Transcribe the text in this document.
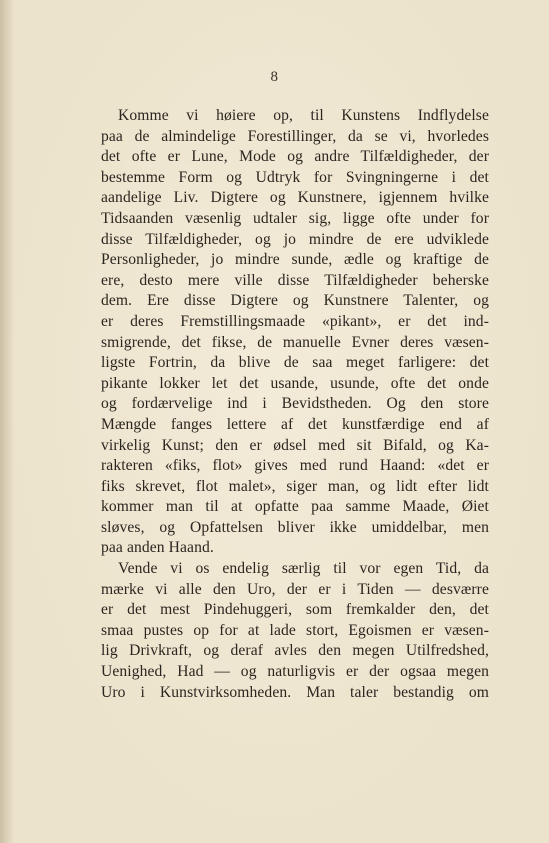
8
Komme vi høiere op, til Kunstens Indflydelse
paa de almindelige Forestillinger, da se vi, hvorledes
det ofte er Lune, Mode og andre Tilfældigheder, der
bestemme Form og Udtryk for Svingningerne i det
aandelige Liv. Digtere og Kunstnere, igjennem hvilke
Tidsaanden væsenlig udtaler sig, ligge ofte under for
disse Tilfældigheder, og jo mindre de ere udviklede
Personligheder, jo mindre sunde, ædle og kraftige de
ere, desto mere ville disse Tilfældigheder beherske
dem. Ere disse Digtere og Kunstnere Talenter, og
er deres Fremstillingsmaade «pikant», er det ind-
smigrende, det fikse, de manuelle Evner deres væsen-
ligste Fortrin, da blive de saa meget farligere: det
pikante lokker let det usande, usunde, ofte det onde
og fordærvelige ind i Bevidstheden. Og den store
Mængde fanges lettere af det kunstfærdige end af
virkelig Kunst; den er ødsel med sit Bifald, og Ka-
rakteren «fiks, flot» gives med rund Haand: «det er
fiks skrevet, flot malet», siger man, og lidt efter lidt
kommer man til at opfatte paa samme Maade, Øiet
sløves, og Opfattelsen bliver ikke umiddelbar, men
paa anden Haand.
Vende vi os endelig særlig til vor egen Tid, da
mærke vi alle den Uro, der er i Tiden — desværre
er det mest Pindehuggeri, som fremkalder den, det
smaa pustes op for at lade stort, Egoismen er væsen-
lig Drivkraft, og deraf avles den megen Utilfredshed,
Uenighed, Had — og naturligvis er der ogsaa megen
Uro i Kunstvirksomheden. Man taler bestandig om
